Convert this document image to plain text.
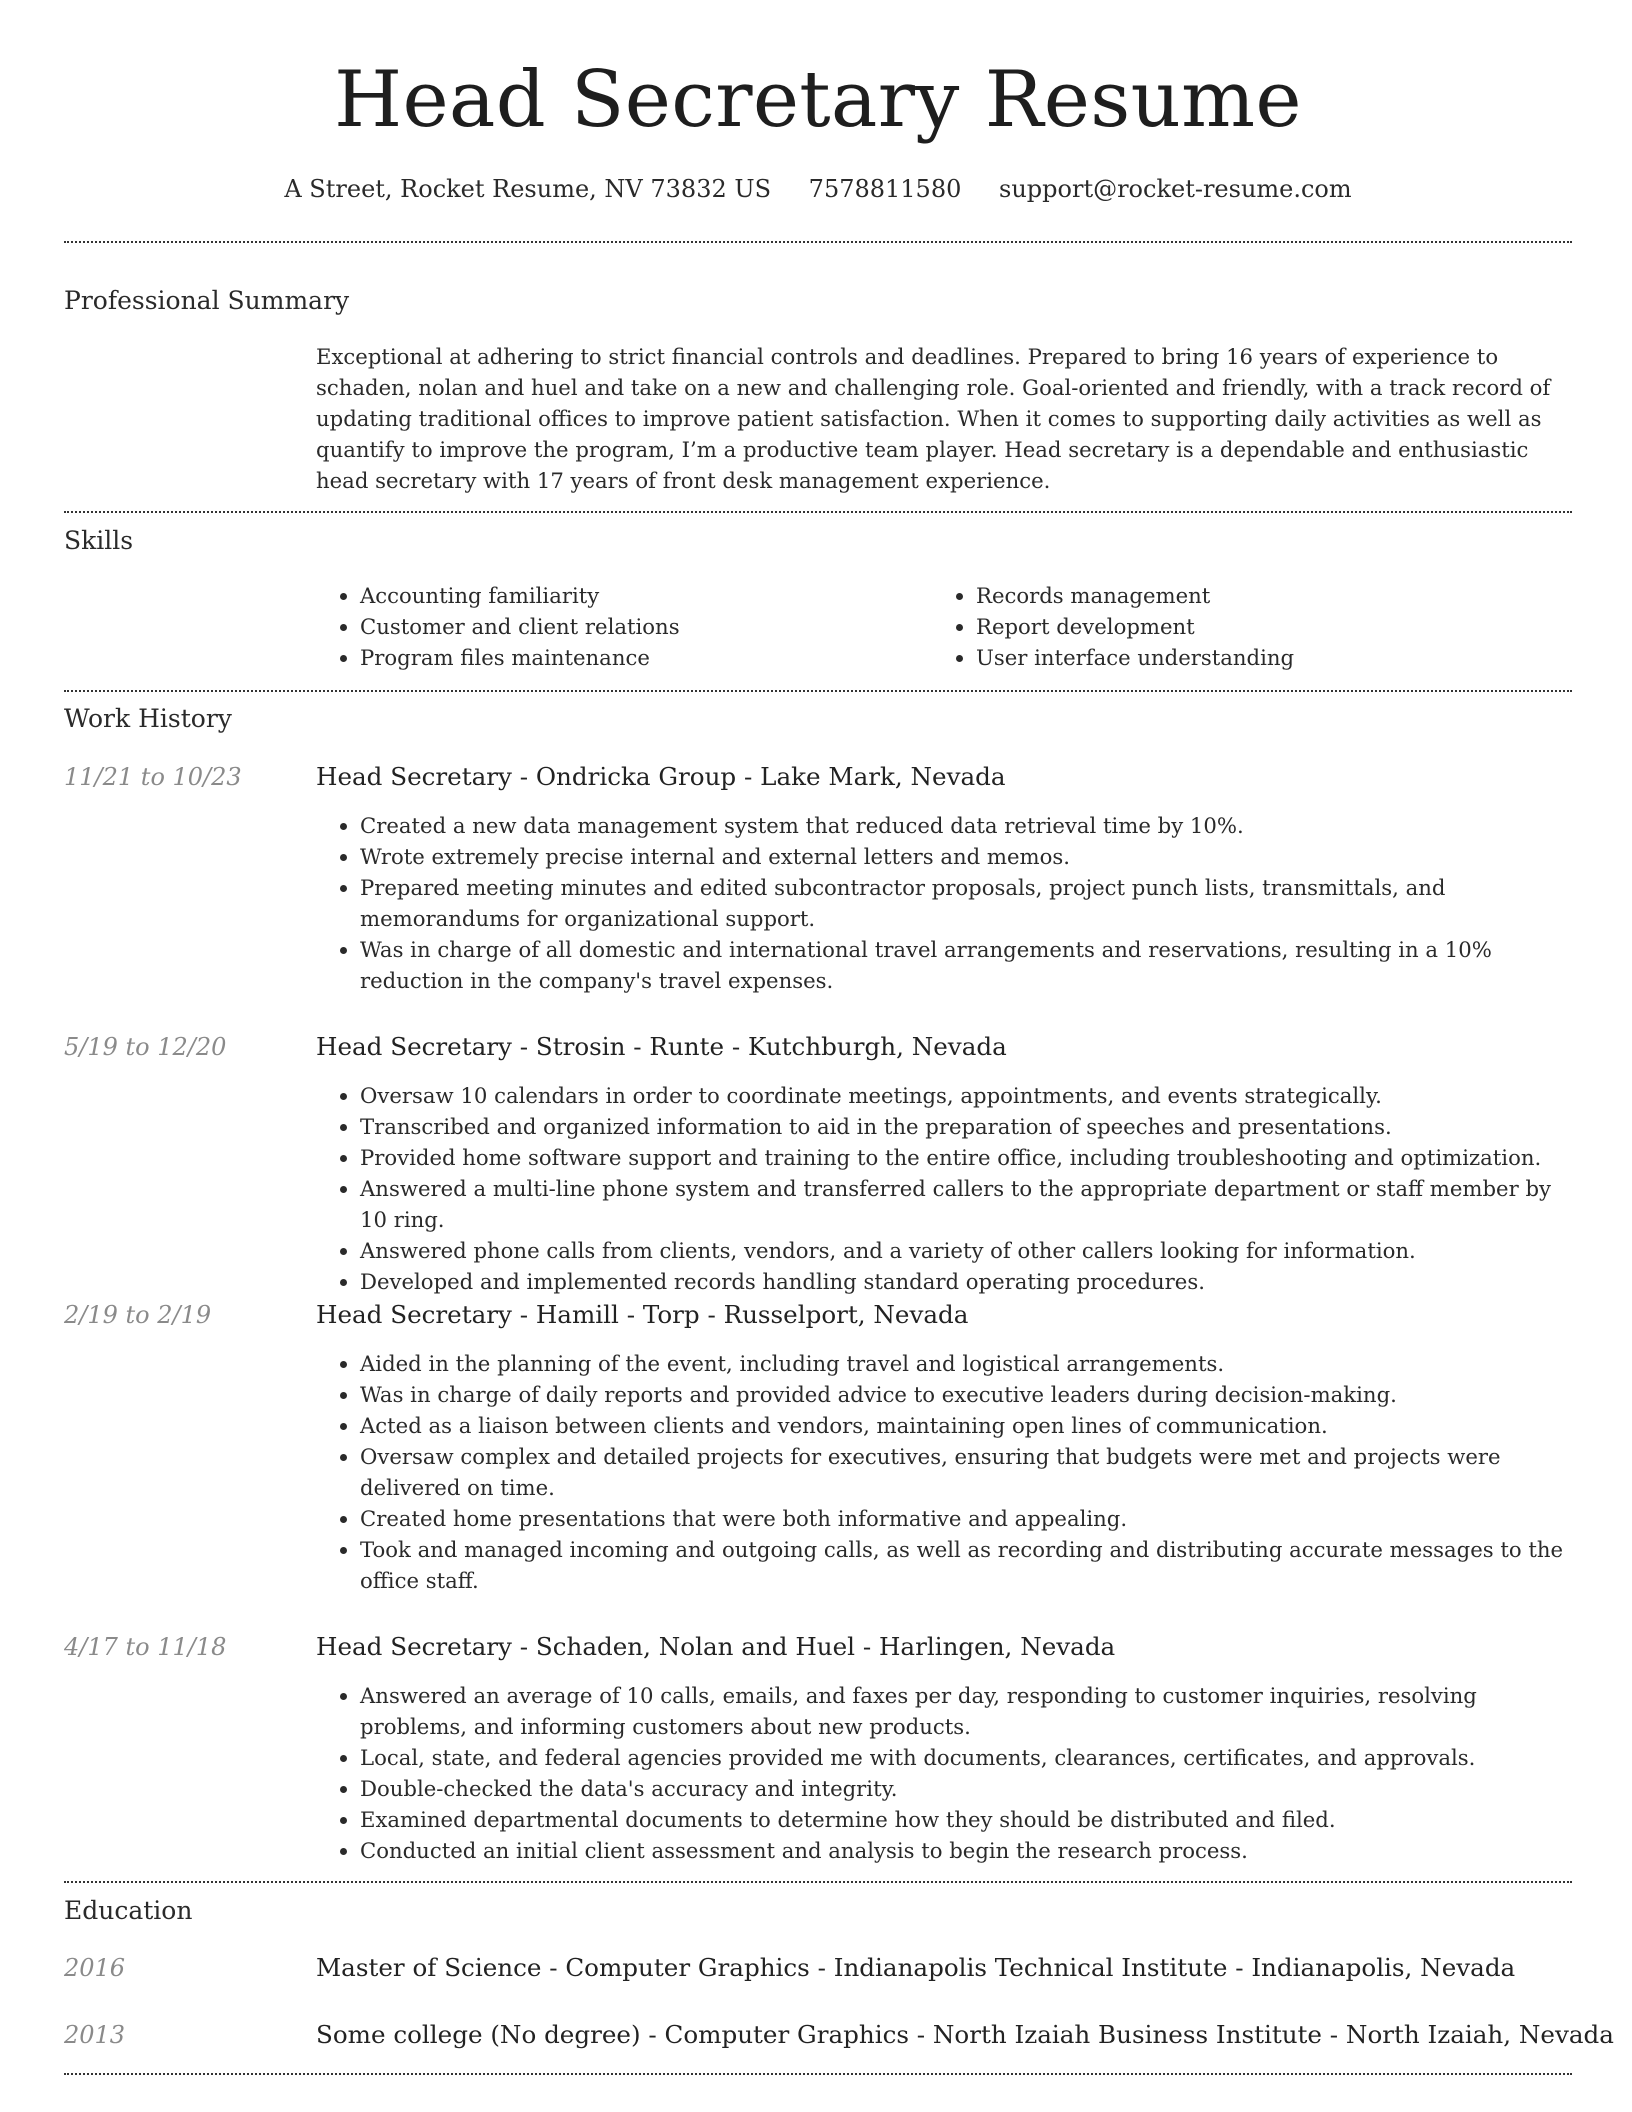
Head Secretary Resume
A Street, Rocket Resume, NV 73832 US 7578811580 support@rocket-resume.com
Professional Summary
Exceptional at adhering to strict financial controls and deadlines. Prepared to bring 16 years of experience to schaden, nolan and huel and take on a new and challenging role. Goal-oriented and friendly, with a track record of updating traditional offices to improve patient satisfaction. When it comes to supporting daily activities as well as quantify to improve the program, I’m a productive team player. Head secretary is a dependable and enthusiastic head secretary with 17 years of front desk management experience.
Skills
• Accounting familiarity
• Customer and client relations
• Program files maintenance
• Records management
• Report development
• User interface understanding
Work History
11/21 to 10/23	Head Secretary - Ondricka Group - Lake Mark, Nevada
• Created a new data management system that reduced data retrieval time by 10%.
• Wrote extremely precise internal and external letters and memos.
• Prepared meeting minutes and edited subcontractor proposals, project punch lists, transmittals, and memorandums for organizational support.
• Was in charge of all domestic and international travel arrangements and reservations, resulting in a 10% reduction in the company's travel expenses.
5/19 to 12/20	Head Secretary - Strosin - Runte - Kutchburgh, Nevada
• Oversaw 10 calendars in order to coordinate meetings, appointments, and events strategically.
• Transcribed and organized information to aid in the preparation of speeches and presentations.
• Provided home software support and training to the entire office, including troubleshooting and optimization.
• Answered a multi-line phone system and transferred callers to the appropriate department or staff member by 10 ring.
• Answered phone calls from clients, vendors, and a variety of other callers looking for information.
• Developed and implemented records handling standard operating procedures.
2/19 to 2/19	Head Secretary - Hamill - Torp - Russelport, Nevada
• Aided in the planning of the event, including travel and logistical arrangements.
• Was in charge of daily reports and provided advice to executive leaders during decision-making.
• Acted as a liaison between clients and vendors, maintaining open lines of communication.
• Oversaw complex and detailed projects for executives, ensuring that budgets were met and projects were delivered on time.
• Created home presentations that were both informative and appealing.
• Took and managed incoming and outgoing calls, as well as recording and distributing accurate messages to the office staff.
4/17 to 11/18	Head Secretary - Schaden, Nolan and Huel - Harlingen, Nevada
• Answered an average of 10 calls, emails, and faxes per day, responding to customer inquiries, resolving problems, and informing customers about new products.
• Local, state, and federal agencies provided me with documents, clearances, certificates, and approvals.
• Double-checked the data's accuracy and integrity.
• Examined departmental documents to determine how they should be distributed and filed.
• Conducted an initial client assessment and analysis to begin the research process.
Education
2016	Master of Science - Computer Graphics - Indianapolis Technical Institute - Indianapolis, Nevada
2013	Some college (No degree) - Computer Graphics - North Izaiah Business Institute - North Izaiah, Nevada
